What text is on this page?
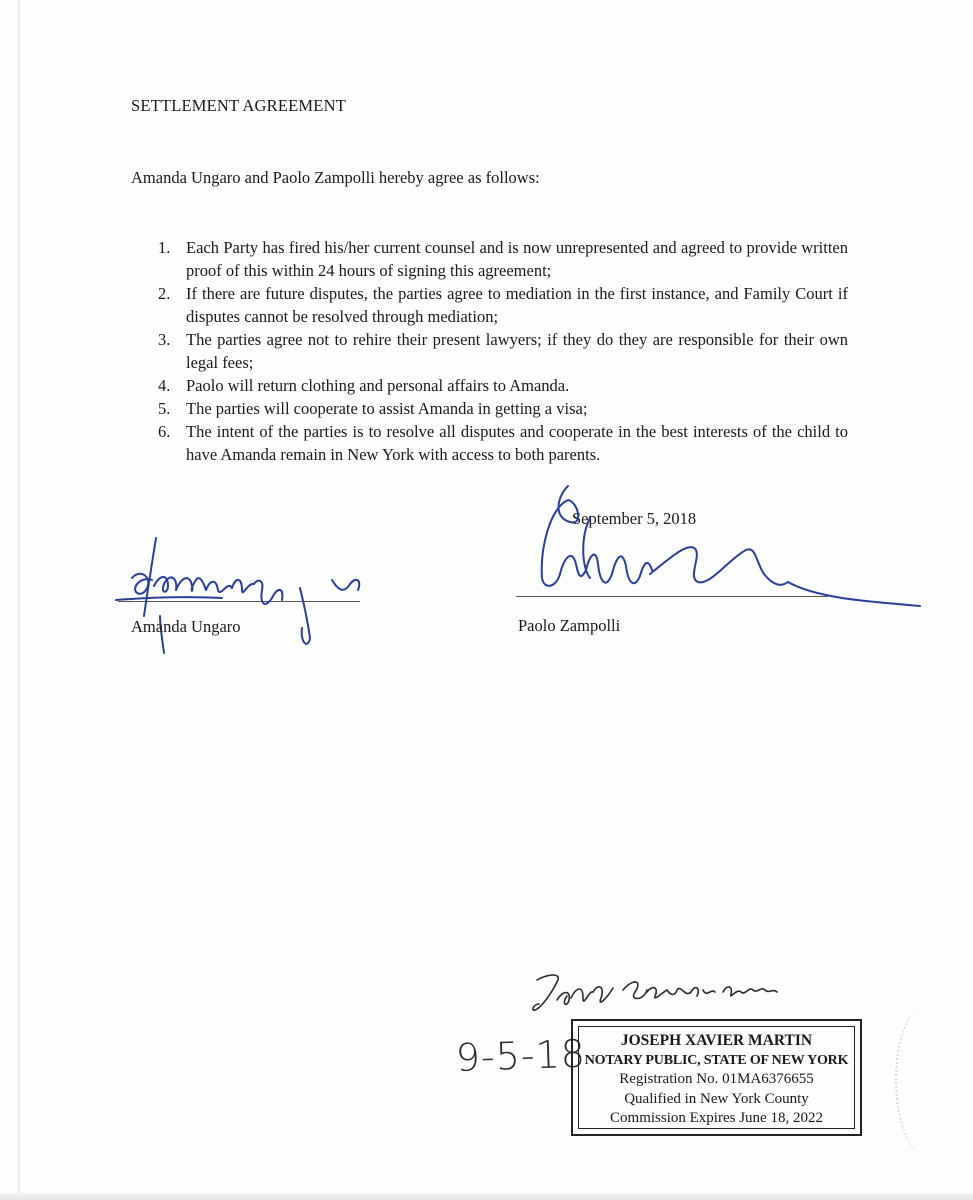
SETTLEMENT AGREEMENT
Amanda Ungaro and Paolo Zampolli hereby agree as follows:
1. Each Party has fired his/her current counsel and is now unrepresented and agreed to provide written proof of this within 24 hours of signing this agreement;
2. If there are future disputes, the parties agree to mediation in the first instance, and Family Court if disputes cannot be resolved through mediation;
3. The parties agree not to rehire their present lawyers; if they do they are responsible for their own legal fees;
4. Paolo will return clothing and personal affairs to Amanda.
5. The parties will cooperate to assist Amanda in getting a visa;
6. The intent of the parties is to resolve all disputes and cooperate in the best interests of the child to have Amanda remain in New York with access to both parents.
September 5, 2018
Amanda Ungaro	Paolo Zampolli
9-5-18	JOSEPH XAVIER MARTIN
NOTARY PUBLIC, STATE OF NEW YORK
Registration No. 01MA6376655
Qualified in New York County
Commission Expires June 18, 2022
